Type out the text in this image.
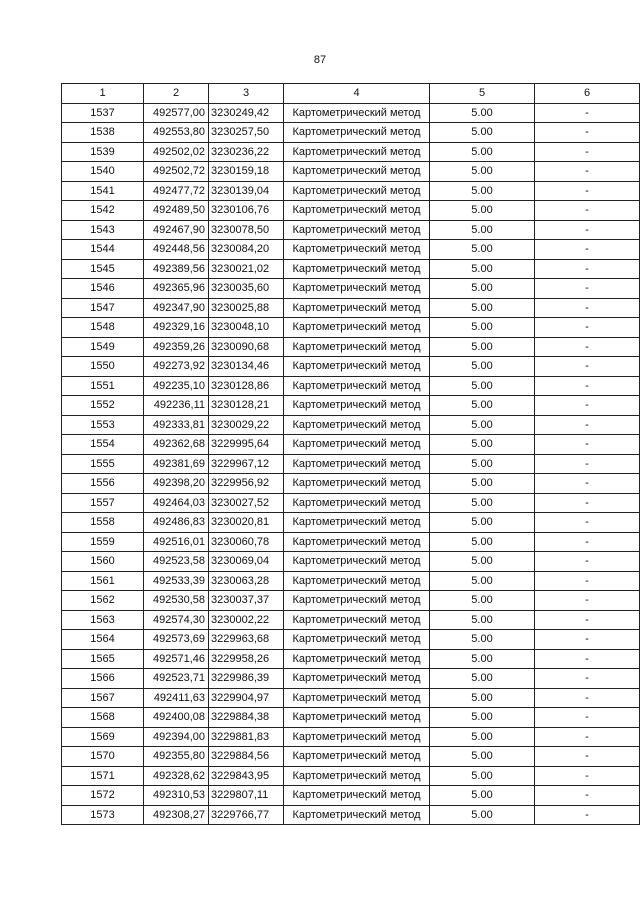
87
1	2	3	4	5	6
1537	492577,00	3230249,42	Картометрический метод	5.00	-
1538	492553,80	3230257,50	Картометрический метод	5.00	-
1539	492502,02	3230236,22	Картометрический метод	5.00	-
1540	492502,72	3230159,18	Картометрический метод	5.00	-
1541	492477,72	3230139,04	Картометрический метод	5.00	-
1542	492489,50	3230106,76	Картометрический метод	5.00	-
1543	492467,90	3230078,50	Картометрический метод	5.00	-
1544	492448,56	3230084,20	Картометрический метод	5.00	-
1545	492389,56	3230021,02	Картометрический метод	5.00	-
1546	492365,96	3230035,60	Картометрический метод	5.00	-
1547	492347,90	3230025,88	Картометрический метод	5.00	-
1548	492329,16	3230048,10	Картометрический метод	5.00	-
1549	492359,26	3230090,68	Картометрический метод	5.00	-
1550	492273,92	3230134,46	Картометрический метод	5.00	-
1551	492235,10	3230128,86	Картометрический метод	5.00	-
1552	492236,11	3230128,21	Картометрический метод	5.00	-
1553	492333,81	3230029,22	Картометрический метод	5.00	-
1554	492362,68	3229995,64	Картометрический метод	5.00	-
1555	492381,69	3229967,12	Картометрический метод	5.00	-
1556	492398,20	3229956,92	Картометрический метод	5.00	-
1557	492464,03	3230027,52	Картометрический метод	5.00	-
1558	492486,83	3230020,81	Картометрический метод	5.00	-
1559	492516,01	3230060,78	Картометрический метод	5.00	-
1560	492523,58	3230069,04	Картометрический метод	5.00	-
1561	492533,39	3230063,28	Картометрический метод	5.00	-
1562	492530,58	3230037,37	Картометрический метод	5.00	-
1563	492574,30	3230002,22	Картометрический метод	5.00	-
1564	492573,69	3229963,68	Картометрический метод	5.00	-
1565	492571,46	3229958,26	Картометрический метод	5.00	-
1566	492523,71	3229986,39	Картометрический метод	5.00	-
1567	492411,63	3229904,97	Картометрический метод	5.00	-
1568	492400,08	3229884,38	Картометрический метод	5.00	-
1569	492394,00	3229881,83	Картометрический метод	5.00	-
1570	492355,80	3229884,56	Картометрический метод	5.00	-
1571	492328,62	3229843,95	Картометрический метод	5.00	-
1572	492310,53	3229807,11	Картометрический метод	5.00	-
1573	492308,27	3229766,77	Картометрический метод	5.00	-
